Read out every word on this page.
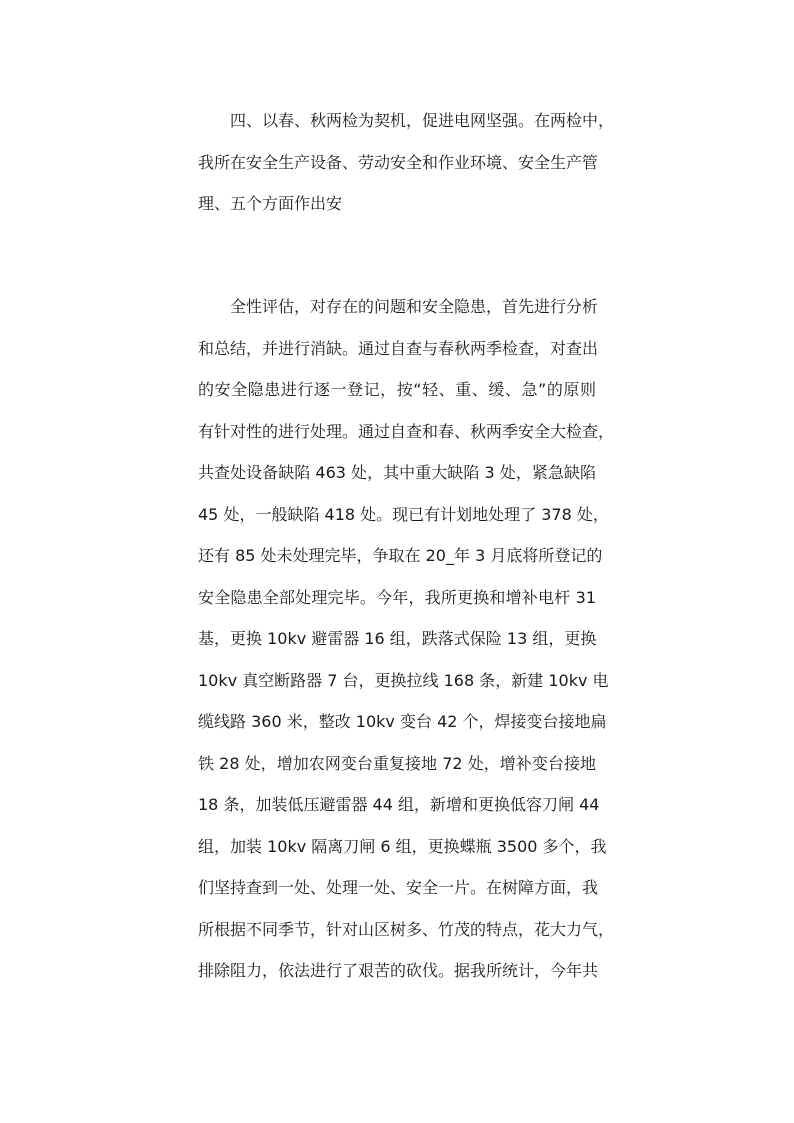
四、以春、秋两检为契机，促进电网坚强。在两检中，
我所在安全生产设备、劳动安全和作业环境、安全生产管
理、五个方面作出安
全性评估，对存在的问题和安全隐患，首先进行分析
和总结，并进行消缺。通过自查与春秋两季检查，对查出
的安全隐患进行逐一登记，按“轻、重、缓、急”的原则
有针对性的进行处理。通过自查和春、秋两季安全大检查，
共查处设备缺陷 463 处，其中重大缺陷 3 处，紧急缺陷
45 处，一般缺陷 418 处。现已有计划地处理了 378 处，
还有 85 处未处理完毕，争取在 20_年 3 月底将所登记的
安全隐患全部处理完毕。今年，我所更换和增补电杆 31
基，更换 10kv 避雷器 16 组，跌落式保险 13 组，更换
10kv 真空断路器 7 台，更换拉线 168 条，新建 10kv 电
缆线路 360 米，整改 10kv 变台 42 个，焊接变台接地扁
铁 28 处，增加农网变台重复接地 72 处，增补变台接地
18 条，加装低压避雷器 44 组，新增和更换低容刀闸 44
组，加装 10kv 隔离刀闸 6 组，更换蝶瓶 3500 多个，我
们坚持查到一处、处理一处、安全一片。在树障方面，我
所根据不同季节，针对山区树多、竹茂的特点，花大力气，
排除阻力，依法进行了艰苦的砍伐。据我所统计，今年共
